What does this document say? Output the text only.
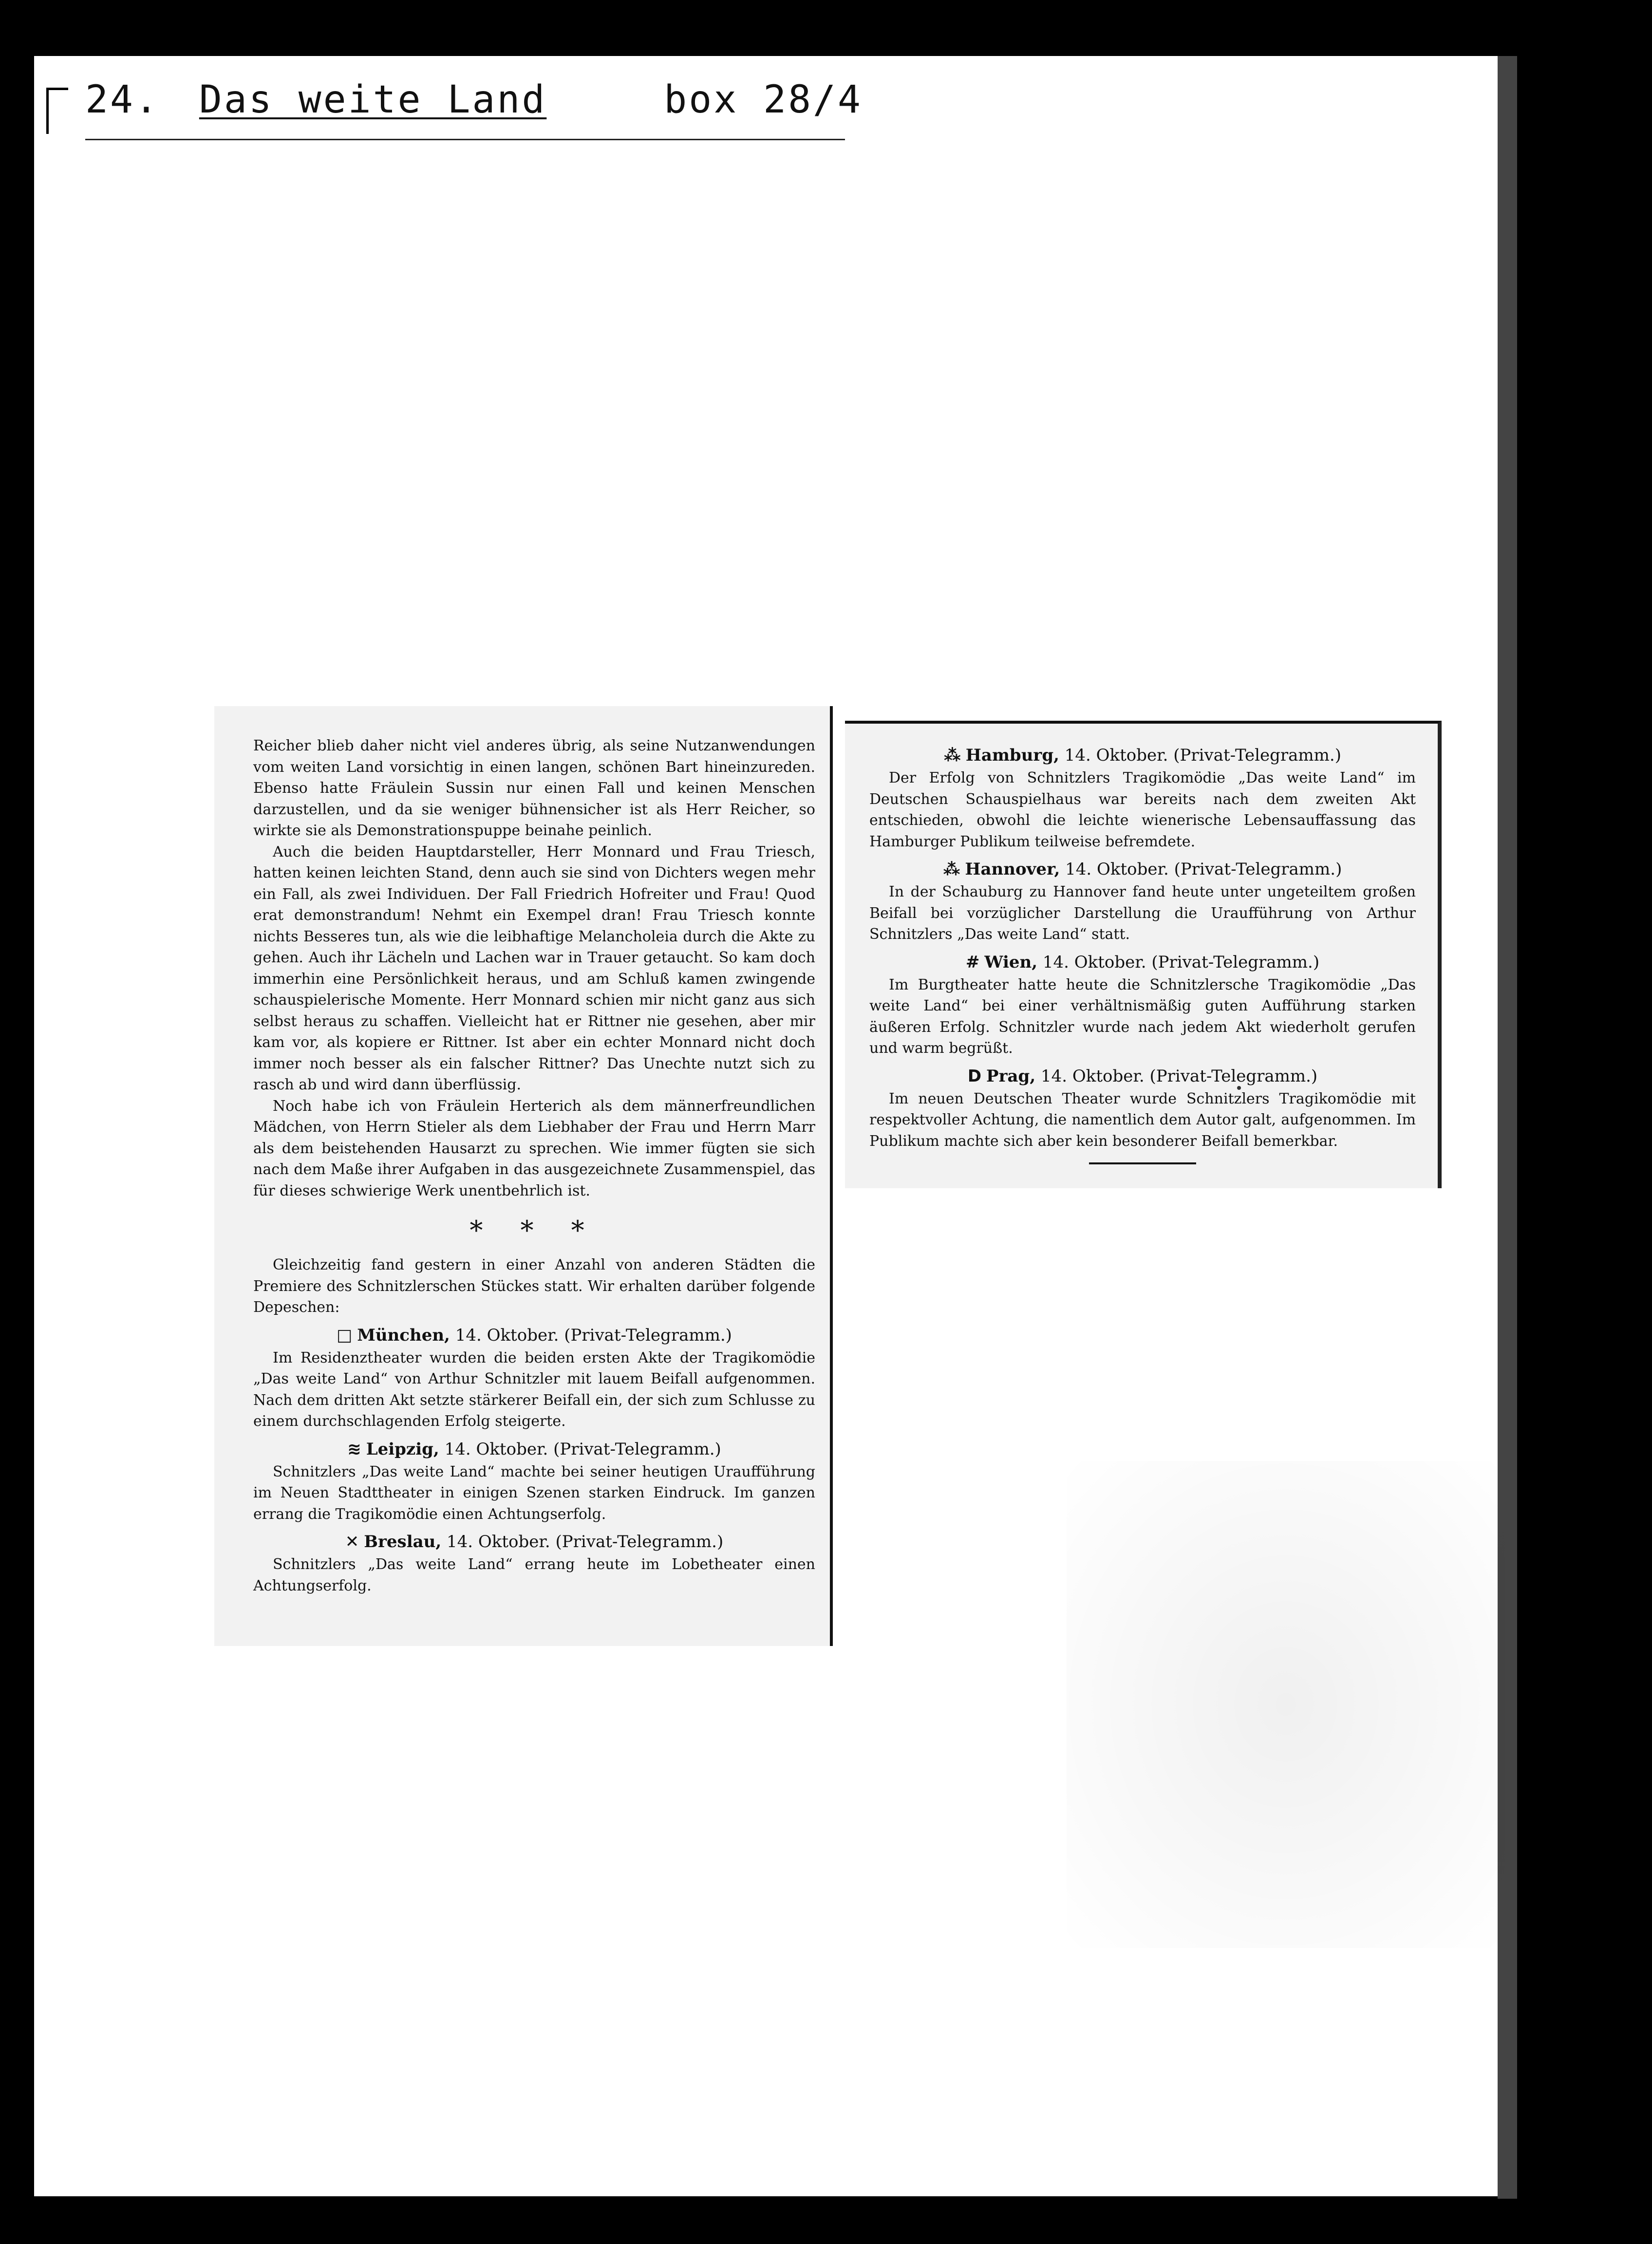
24. Das weite Land	box 28/4

Reicher blieb daher nicht viel anderes übrig, als seine Nutzanwendungen vom weiten Land vorsichtig in einen langen, schönen Bart hineinzureden. Ebenso hatte Fräulein Sussin nur einen Fall und keinen Menschen darzustellen, und da sie weniger bühnensicher ist als Herr Reicher, so wirkte sie als Demonstrationspuppe beinahe peinlich.

Auch die beiden Hauptdarsteller, Herr Monnard und Frau Triesch, hatten keinen leichten Stand, denn auch sie sind von Dichters wegen mehr ein Fall, als zwei Individuen. Der Fall Friedrich Hofreiter und Frau! Quod erat demonstrandum! Nehmt ein Exempel dran! Frau Triesch konnte nichts Besseres tun, als wie die leibhaftige Melancholeia durch die Akte zu gehen. Auch ihr Lächeln und Lachen war in Trauer getaucht. So kam doch immerhin eine Persönlichkeit heraus, und am Schluß kamen zwingende schauspielerische Momente. Herr Monnard schien mir nicht ganz aus sich selbst heraus zu schaffen. Vielleicht hat er Rittner nie gesehen, aber mir kam vor, als kopiere er Rittner. Ist aber ein echter Monnard nicht doch immer noch besser als ein falscher Rittner? Das Unechte nutzt sich zu rasch ab und wird dann überflüssig.

Noch habe ich von Fräulein Herterich als dem männerfreundlichen Mädchen, von Herrn Stieler als dem Liebhaber der Frau und Herrn Marr als dem beistehenden Hausarzt zu sprechen. Wie immer fügten sie sich nach dem Maße ihrer Aufgaben in das ausgezeichnete Zusammenspiel, das für dieses schwierige Werk unentbehrlich ist.

* * *

Gleichzeitig fand gestern in einer Anzahl von anderen Städten die Premiere des Schnitzlerschen Stückes statt. Wir erhalten darüber folgende Depeschen:

□ München, 14. Oktober. (Privat-Telegramm.)

Im Residenztheater wurden die beiden ersten Akte der Tragikomödie „Das weite Land“ von Arthur Schnitzler mit lauem Beifall aufgenommen. Nach dem dritten Akt setzte stärkerer Beifall ein, der sich zum Schlusse zu einem durchschlagenden Erfolg steigerte.

≋ Leipzig, 14. Oktober. (Privat-Telegramm.)

Schnitzlers „Das weite Land“ machte bei seiner heutigen Uraufführung im Neuen Stadttheater in einigen Szenen starken Eindruck. Im ganzen errang die Tragikomödie einen Achtungserfolg.

✕ Breslau, 14. Oktober. (Privat-Telegramm.)

Schnitzlers „Das weite Land“ errang heute im Lobetheater einen Achtungserfolg.

⁂ Hamburg, 14. Oktober. (Privat-Telegramm.)

Der Erfolg von Schnitzlers Tragikomödie „Das weite Land“ im Deutschen Schauspielhaus war bereits nach dem zweiten Akt entschieden, obwohl die leichte wienerische Lebensauffassung das Hamburger Publikum teilweise befremdete.

⁂ Hannover, 14. Oktober. (Privat-Telegramm.)

In der Schauburg zu Hannover fand heute unter ungeteiltem großen Beifall bei vorzüglicher Darstellung die Uraufführung von Arthur Schnitzlers „Das weite Land“ statt.

# Wien, 14. Oktober. (Privat-Telegramm.)

Im Burgtheater hatte heute die Schnitzlersche Tragikomödie „Das weite Land“ bei einer verhältnismäßig guten Aufführung starken äußeren Erfolg. Schnitzler wurde nach jedem Akt wiederholt gerufen und warm begrüßt.

D Prag, 14. Oktober. (Privat-Telegramm.)

Im neuen Deutschen Theater wurde Schnitzlers Tragikomödie mit respektvoller Achtung, die namentlich dem Autor galt, aufgenommen. Im Publikum machte sich aber kein besonderer Beifall bemerkbar.
